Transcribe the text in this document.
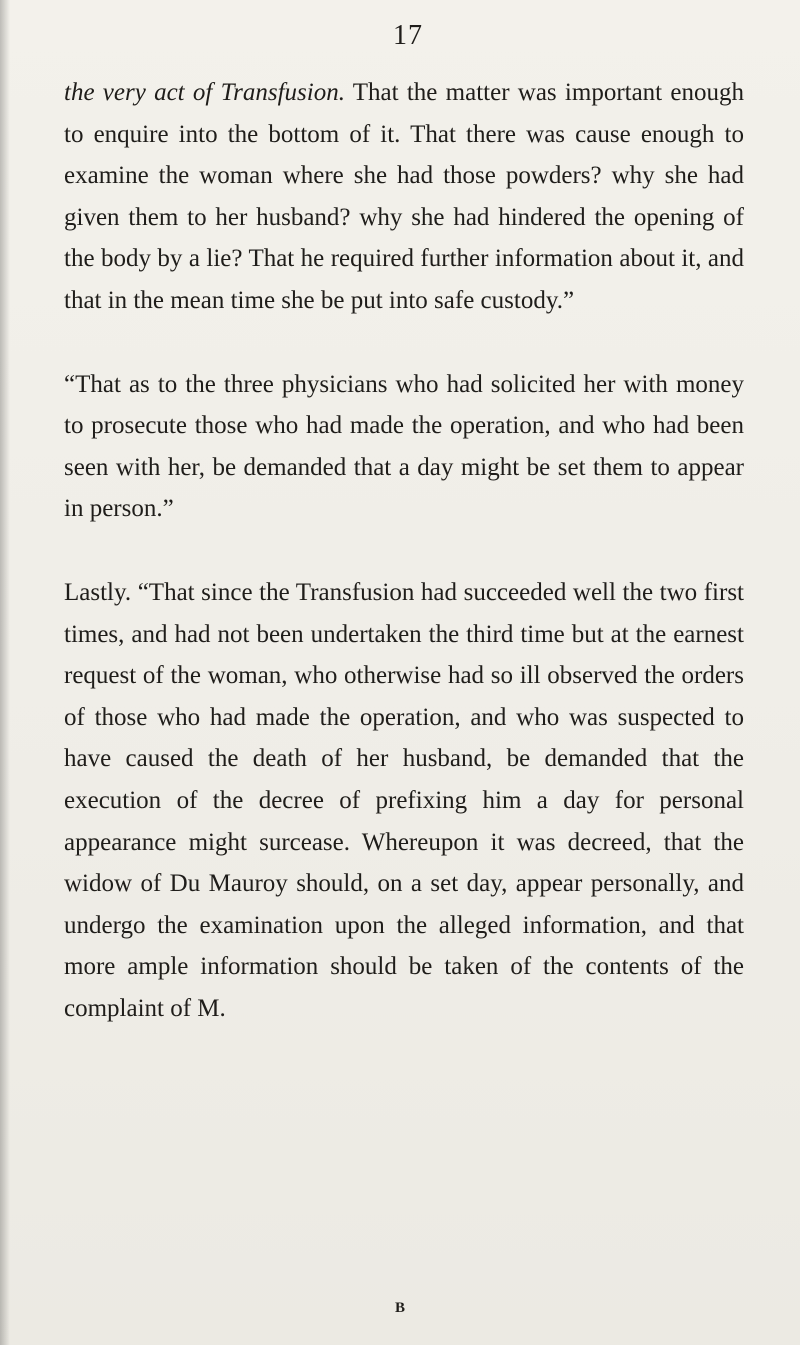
17

the very act of Transfusion. That the matter was important enough to enquire into the bottom of it. That there was cause enough to examine the woman where she had those powders? why she had given them to her husband? why she had hindered the opening of the body by a lie? That he required further information about it, and that in the mean time she be put into safe custody.”

“That as to the three physicians who had solicited her with money to prosecute those who had made the operation, and who had been seen with her, be demanded that a day might be set them to appear in person.”

Lastly. “That since the Transfusion had succeeded well the two first times, and had not been undertaken the third time but at the earnest request of the woman, who otherwise had so ill observed the orders of those who had made the operation, and who was suspected to have caused the death of her husband, be demanded that the execution of the decree of prefixing him a day for personal appearance might surcease. Whereupon it was decreed, that the widow of Du Mauroy should, on a set day, appear personally, and undergo the examination upon the alleged information, and that more ample information should be taken of the contents of the complaint of M.

B
